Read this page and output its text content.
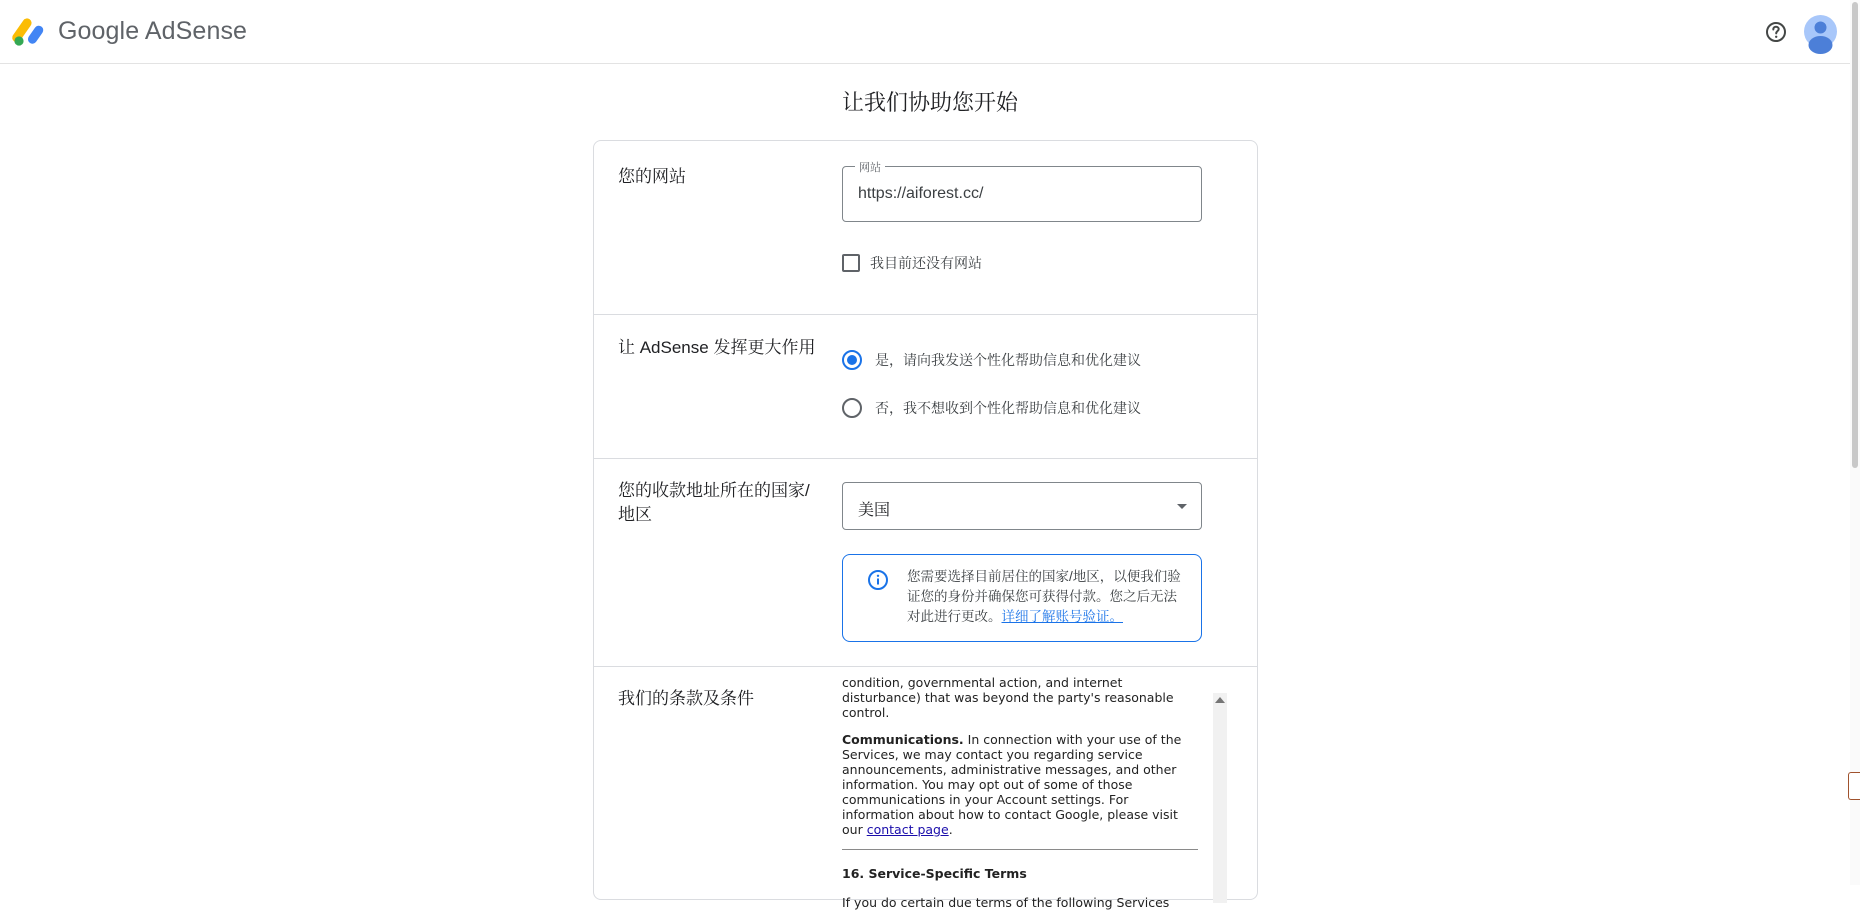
Google AdSense
让我们协助您开始
您的网站	网站
https://aiforest.cc/
我目前还没有网站
让 AdSense 发挥更大作用
是，请向我发送个性化帮助信息和优化建议
否，我不想收到个性化帮助信息和优化建议
您的收款地址所在的国家/
地区	美国
您需要选择目前居住的国家/地区，以便我们验证您的身份并确保您可获得付款。您之后无法对此进行更改。详细了解账号验证。
我们的条款及条件

condition, governmental action, and internet disturbance) that was beyond the party's reasonable control.

Communications. In connection with your use of the Services, we may contact you regarding service announcements, administrative messages, and other information. You may opt out of some of those communications in your Account settings. For information about how to contact Google, please visit our contact page.

16. Service-Specific Terms

If you do certain due terms of the following Services
